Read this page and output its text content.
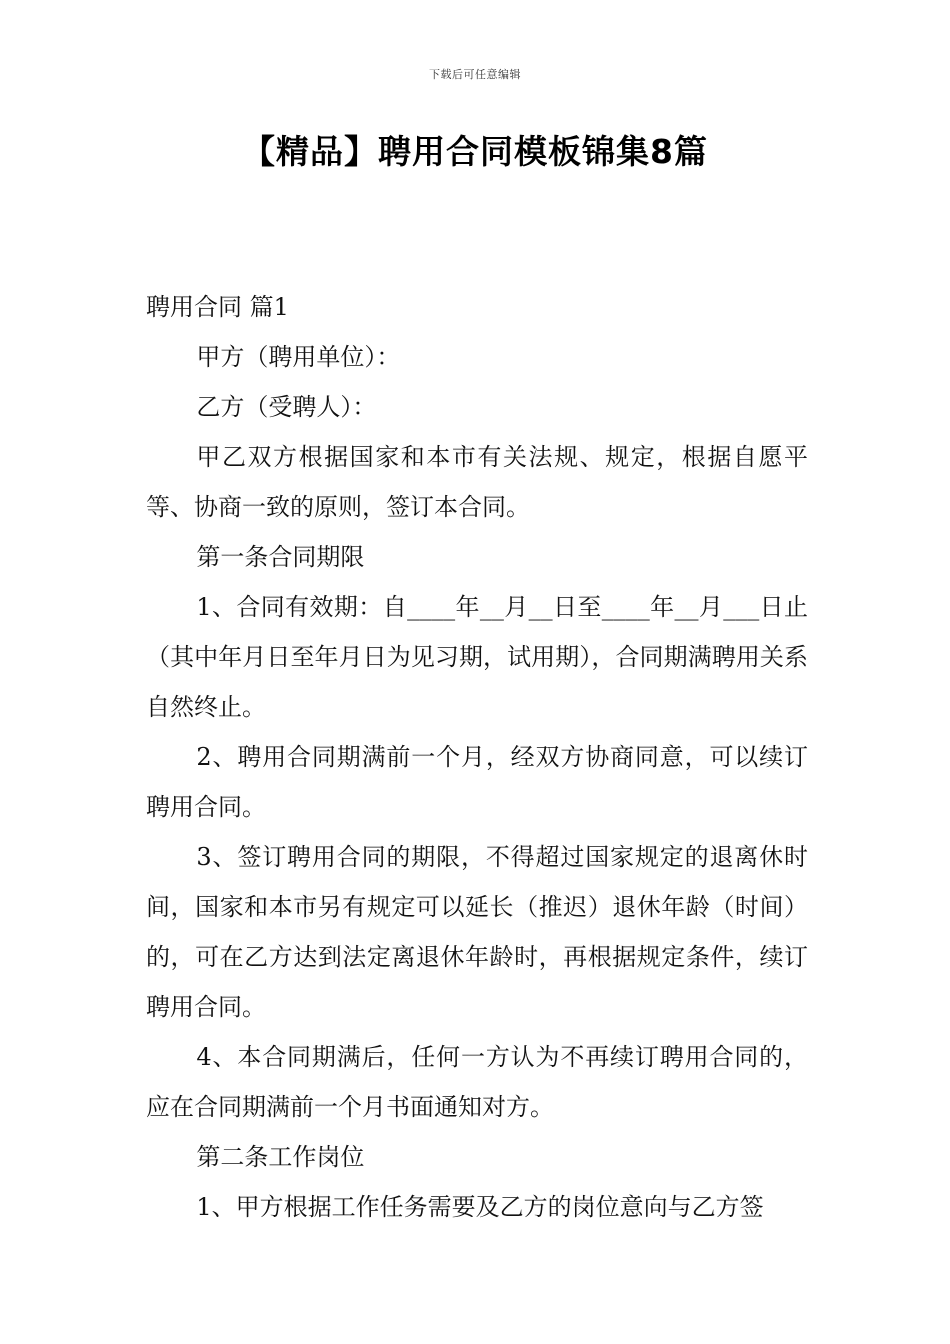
下载后可任意编辑
【精品】聘用合同模板锦集8篇

聘用合同 篇1

甲方（聘用单位）：

乙方（受聘人）：

甲乙双方根据国家和本市有关法规、规定，根据自愿平等、协商一致的原则，签订本合同。

第一条合同期限

1、合同有效期：自____年__月__日至____年__月___日止（其中年月日至年月日为见习期，试用期），合同期满聘用关系自然终止。

2、聘用合同期满前一个月，经双方协商同意，可以续订聘用合同。

3、签订聘用合同的期限，不得超过国家规定的退离休时间，国家和本市另有规定可以延长（推迟）退休年龄（时间）的，可在乙方达到法定离退休年龄时，再根据规定条件，续订聘用合同。

4、本合同期满后，任何一方认为不再续订聘用合同的，应在合同期满前一个月书面通知对方。

第二条工作岗位

1、甲方根据工作任务需要及乙方的岗位意向与乙方签
